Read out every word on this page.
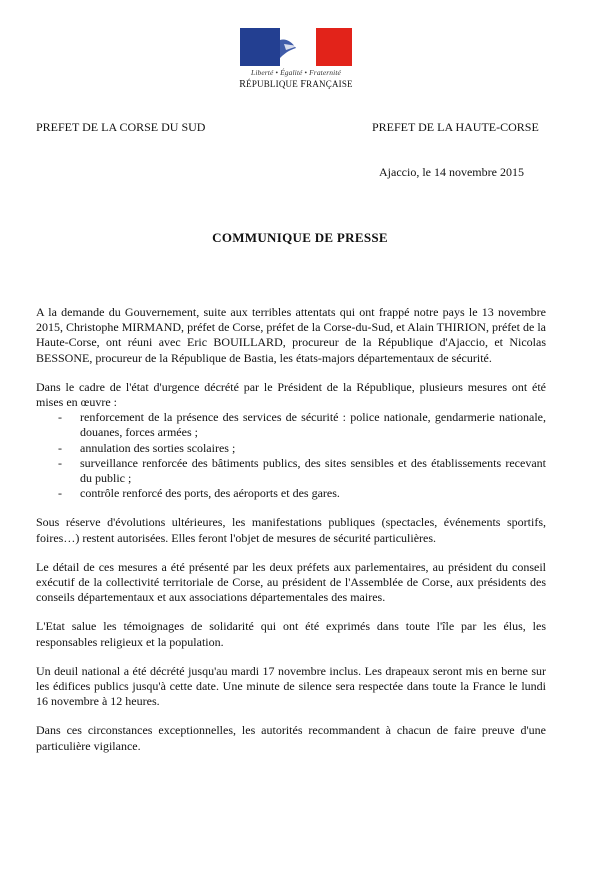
Liberté • Égalité • Fraternité
RÉPUBLIQUE FRANÇAISE
PREFET DE LA CORSE DU SUD	PREFET DE LA HAUTE-CORSE
Ajaccio, le 14 novembre 2015
COMMUNIQUE DE PRESSE

A la demande du Gouvernement, suite aux terribles attentats qui ont frappé notre pays le 13 novembre 2015, Christophe MIRMAND, préfet de Corse, préfet de la Corse-du-Sud, et Alain THIRION, préfet de la Haute-Corse, ont réuni avec Eric BOUILLARD, procureur de la République d'Ajaccio, et Nicolas BESSONE, procureur de la République de Bastia, les états-majors départementaux de sécurité.

Dans le cadre de l'état d'urgence décrété par le Président de la République, plusieurs mesures ont été mises en œuvre :

- renforcement de la présence des services de sécurité : police nationale, gendarmerie nationale, douanes, forces armées ;
- annulation des sorties scolaires ;
- surveillance renforcée des bâtiments publics, des sites sensibles et des établissements recevant du public ;
- contrôle renforcé des ports, des aéroports et des gares.

Sous réserve d'évolutions ultérieures, les manifestations publiques (spectacles, événements sportifs, foires…) restent autorisées. Elles feront l'objet de mesures de sécurité particulières.

Le détail de ces mesures a été présenté par les deux préfets aux parlementaires, au président du conseil exécutif de la collectivité territoriale de Corse, au président de l'Assemblée de Corse, aux présidents des conseils départementaux et aux associations départementales des maires.

L'Etat salue les témoignages de solidarité qui ont été exprimés dans toute l'île par les élus, les responsables religieux et la population.

Un deuil national a été décrété jusqu'au mardi 17 novembre inclus. Les drapeaux seront mis en berne sur les édifices publics jusqu'à cette date. Une minute de silence sera respectée dans toute la France le lundi 16 novembre à 12 heures.

Dans ces circonstances exceptionnelles, les autorités recommandent à chacun de faire preuve d'une particulière vigilance.
